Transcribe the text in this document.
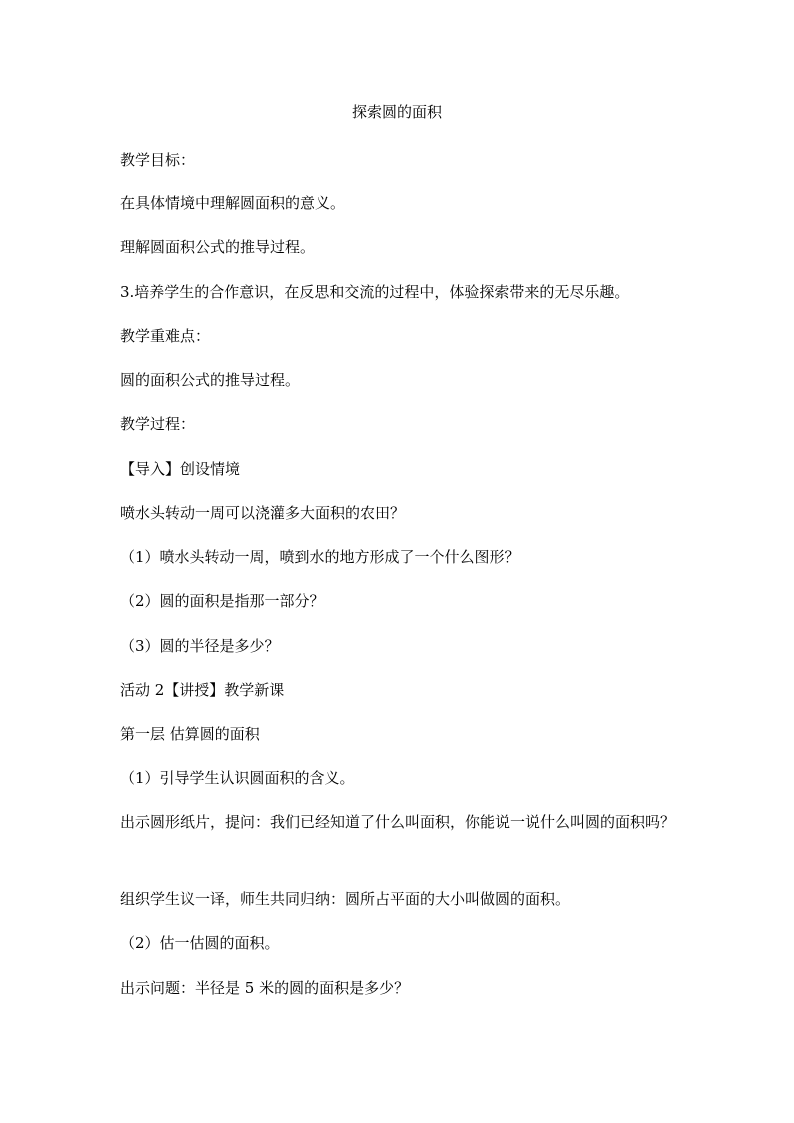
探索圆的面积

教学目标：

在具体情境中理解圆面积的意义。

理解圆面积公式的推导过程。

3.培养学生的合作意识，在反思和交流的过程中，体验探索带来的无尽乐趣。

教学重难点：

圆的面积公式的推导过程。

教学过程：

【导入】创设情境

喷水头转动一周可以浇灌多大面积的农田？

（1）喷水头转动一周，喷到水的地方形成了一个什么图形？

（2）圆的面积是指那一部分？

（3）圆的半径是多少？

活动 2【讲授】教学新课

第一层 估算圆的面积

（1）引导学生认识圆面积的含义。

出示圆形纸片，提问：我们已经知道了什么叫面积，你能说一说什么叫圆的面积吗？

组织学生议一译，师生共同归纳：圆所占平面的大小叫做圆的面积。

（2）估一估圆的面积。

出示问题：半径是 5 米的圆的面积是多少？
